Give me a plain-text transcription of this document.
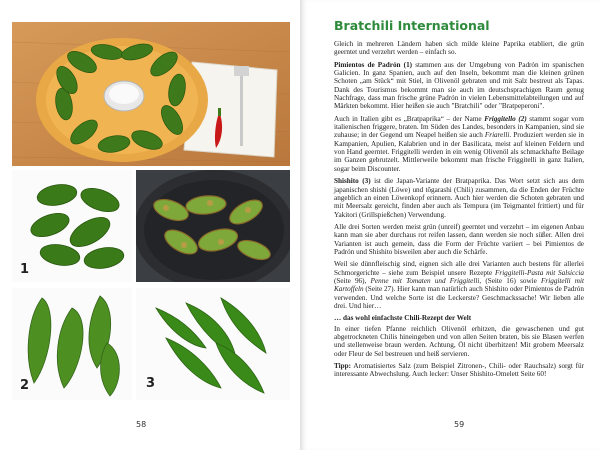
1
2	3
58
Bratchili International

Gleich in mehreren Ländern haben sich milde kleine Paprika etabliert, die grün geerntet und verzehrt werden – einfach so.

Pimientos de Padrón (1) stammen aus der Umgebung von Padrón im spanischen Galicien. In ganz Spanien, auch auf den Inseln, bekommt man die kleinen grünen Schoten „am Stück“ mit Stiel, in Olivenöl gebraten und mit Salz bestreut als Tapas. Dank des Tourismus bekommt man sie auch im deutschsprachigen Raum genug Nachfrage, dass man frische grüne Padrón in vielen Lebensmittelabteilungen und auf Märkten bekommt. Hier heißen sie auch "Bratchili" oder "Bratpeperoni".

Auch in Italien gibt es „Bratpaprika“ – der Name Friggitello (2) stammt sogar vom italienischen friggere, braten. Im Süden des Landes, besonders in Kampanien, sind sie zuhause; in der Gegend um Neapel heißen sie auch Friarelli. Produziert werden sie in Kampanien, Apulien, Kalabrien und in der Basilicata, meist auf kleinen Feldern und von Hand geerntet. Friggitelli werden in ein wenig Olivenöl als schmackhafte Beilage im Ganzen gebrutzelt. Mittlerweile bekommt man frische Friggitelli in ganz Italien, sogar beim Discounter.

Shishito (3) ist die Japan-Variante der Bratpaprika. Das Wort setzt sich aus dem japanischen shishi (Löwe) und tōgarashi (Chili) zusammen, da die Enden der Früchte angeblich an einen Löwenkopf erinnern. Auch hier werden die Schoten gebraten und mit Meersalz gereicht, finden aber auch als Tempura (im Teigmantel frittiert) und für Yakitori (Grillspießchen) Verwendung.

Alle drei Sorten werden meist grün (unreif) geerntet und verzehrt – im eigenen Anbau kann man sie aber durchaus rot reifen lassen, dann werden sie noch süßer. Allen drei Varianten ist auch gemein, dass die Form der Früchte variiert – bei Pimientos de Padrón und Shishito bisweilen aber auch die Schärfe.

Weil sie dünnfleischig sind, eignen sich alle drei Varianten auch bestens für allerlei Schmorgerichte – siehe zum Beispiel unsere Rezepte Friggitelli-Pasta mit Salsiccia (Seite 96), Penne mit Tomaten und Friggitelli, (Seite 16) sowie Friggitelli mit Kartoffeln (Seite 27). Hier kann man natürlich auch Shishito oder Pimientos de Padrón verwenden. Und welche Sorte ist die Leckerste? Geschmackssache! Wir lieben alle drei. Und hier…

… das wohl einfachste Chili-Rezept der Welt

In einer tiefen Pfanne reichlich Olivenöl erhitzen, die gewaschenen und gut abgetrockneten Chilis hineingeben und von allen Seiten braten, bis sie Blasen werfen und stellenweise braun werden. Achtung, Öl nicht überhitzen! Mit grobem Meersalz oder Fleur de Sel bestreuen und heiß servieren.

Tipp: Aromatisiertes Salz (zum Beispiel Zitronen-, Chili- oder Rauchsalz) sorgt für interessante Abwechslung. Auch lecker: Unser Shishito-Omelett Seite 60!

59
